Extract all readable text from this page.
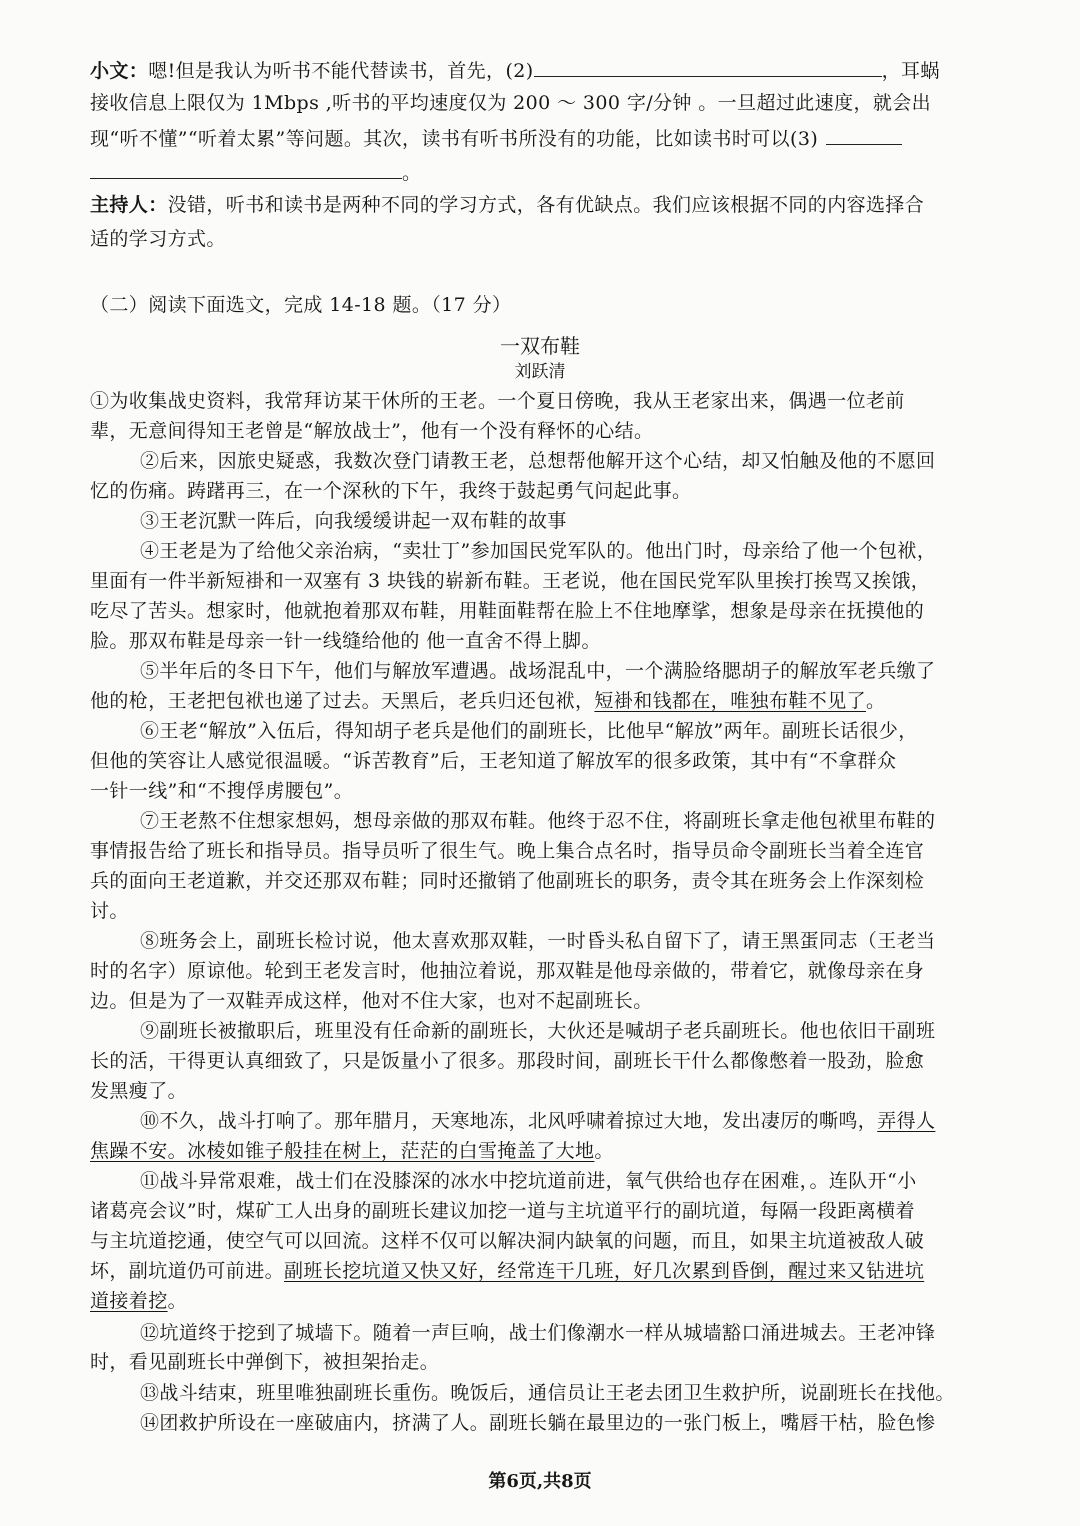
小文：嗯!但是我认为听书不能代替读书，首先，(2)	，耳蜗
接收信息上限仅为 1Mbps ,听书的平均速度仅为 200 ～ 300 字/分钟 。一旦超过此速度，就会出
现“听不懂”“听着太累”等问题。其次，读书有听书所没有的功能，比如读书时可以(3)
。
主持人：没错，听书和读书是两种不同的学习方式，各有优缺点。我们应该根据不同的内容选择合
适的学习方式。
（二）阅读下面选文，完成 14-18 题。（17 分）
一双布鞋
刘跃清
①为收集战史资料，我常拜访某干休所的王老。一个夏日傍晚，我从王老家出来，偶遇一位老前
辈，无意间得知王老曾是“解放战士”，他有一个没有释怀的心结。
②后来，因旅史疑惑，我数次登门请教王老，总想帮他解开这个心结，却又怕触及他的不愿回
忆的伤痛。踌躇再三，在一个深秋的下午，我终于鼓起勇气问起此事。
③王老沉默一阵后，向我缓缓讲起一双布鞋的故事
④王老是为了给他父亲治病，“卖壮丁”参加国民党军队的。他出门时，母亲给了他一个包袱，
里面有一件半新短褂和一双塞有 3 块钱的崭新布鞋。王老说，他在国民党军队里挨打挨骂又挨饿，
吃尽了苦头。想家时，他就抱着那双布鞋，用鞋面鞋帮在脸上不住地摩挲，想象是母亲在抚摸他的
脸。那双布鞋是母亲一针一线缝给他的 他一直舍不得上脚。
⑤半年后的冬日下午，他们与解放军遭遇。战场混乱中，一个满脸络腮胡子的解放军老兵缴了
他的枪，王老把包袱也递了过去。天黑后，老兵归还包袱，短褂和钱都在，唯独布鞋不见了。
⑥王老“解放”入伍后，得知胡子老兵是他们的副班长，比他早“解放”两年。副班长话很少，
但他的笑容让人感觉很温暖。“诉苦教育”后，王老知道了解放军的很多政策，其中有“不拿群众
一针一线”和“不搜俘虏腰包”。
⑦王老熬不住想家想妈，想母亲做的那双布鞋。他终于忍不住，将副班长拿走他包袱里布鞋的
事情报告给了班长和指导员。指导员听了很生气。晚上集合点名时，指导员命令副班长当着全连官
兵的面向王老道歉，并交还那双布鞋；同时还撤销了他副班长的职务，责令其在班务会上作深刻检
讨。
⑧班务会上，副班长检讨说，他太喜欢那双鞋，一时昏头私自留下了，请王黑蛋同志（王老当
时的名字）原谅他。轮到王老发言时，他抽泣着说，那双鞋是他母亲做的，带着它，就像母亲在身
边。但是为了一双鞋弄成这样，他对不住大家，也对不起副班长。
⑨副班长被撤职后，班里没有任命新的副班长，大伙还是喊胡子老兵副班长。他也依旧干副班
长的活，干得更认真细致了，只是饭量小了很多。那段时间，副班长干什么都像憋着一股劲，脸愈
发黑瘦了。
⑩不久，战斗打响了。那年腊月，天寒地冻，北风呼啸着掠过大地，发出凄厉的嘶鸣，弄得人
焦躁不安。冰棱如锥子般挂在树上，茫茫的白雪掩盖了大地。
⑪战斗异常艰难，战士们在没膝深的冰水中挖坑道前进，氧气供给也存在困难，。连队开“小
诸葛亮会议”时，煤矿工人出身的副班长建议加挖一道与主坑道平行的副坑道，每隔一段距离横着
与主坑道挖通，使空气可以回流。这样不仅可以解决洞内缺氧的问题，而且，如果主坑道被敌人破
坏，副坑道仍可前进。副班长挖坑道又快又好，经常连干几班，好几次累到昏倒，醒过来又钻进坑
道接着挖。
⑫坑道终于挖到了城墙下。随着一声巨响，战士们像潮水一样从城墙豁口涌进城去。王老冲锋
时，看见副班长中弹倒下，被担架抬走。
⑬战斗结束，班里唯独副班长重伤。晚饭后，通信员让王老去团卫生救护所，说副班长在找他。
⑭团救护所设在一座破庙内，挤满了人。副班长躺在最里边的一张门板上，嘴唇干枯，脸色惨
第6页,共8页
